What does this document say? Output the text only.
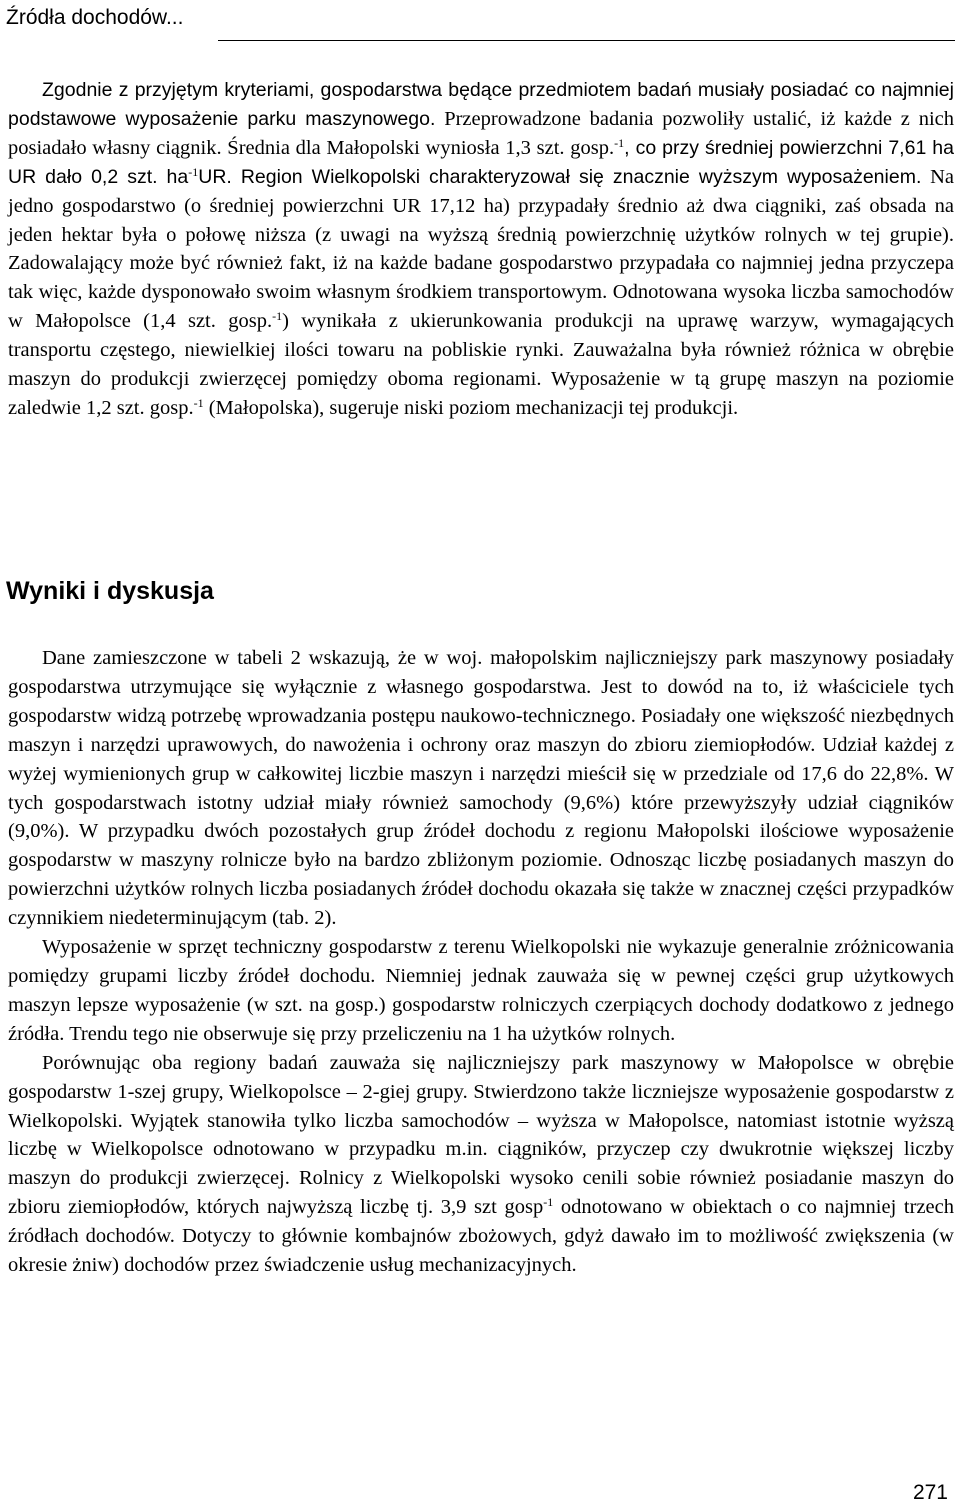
Źródła dochodów...

Zgodnie z przyjętym kryteriami, gospodarstwa będące przedmiotem badań musiały posiadać co najmniej podstawowe wyposażenie parku maszynowego. Przeprowadzone badania pozwoliły ustalić, iż każde z nich posiadało własny ciągnik. Średnia dla Małopolski wyniosła 1,3 szt. gosp.$^{-1}$, co przy średniej powierzchni 7,61 ha UR dało 0,2 szt. $ha^{-1}UR$. Region Wielkopolski charakteryzował się znacznie wyższym wyposażeniem. Na jedno gospodarstwo (o średniej powierzchni UR 17,12 ha) przypadały średnio aż dwa ciągniki, zaś obsada na jeden hektar była o połowę niższa (z uwagi na wyższą średnią powierzchnię użytków rolnych w tej grupie). Zadowalający może być również fakt, iż na każde badane gospodarstwo przypadała co najmniej jedna przyczepa tak więc, każde dysponowało swoim własnym środkiem transportowym. Odnotowana wysoka liczba samochodów w Małopolsce (1,4 szt. gosp.$^{-1}$) wynikała z ukierunkowania produkcji na uprawę warzyw, wymagających transportu częstego, niewielkiej ilości towaru na pobliskie rynki. Zauważalna była również różnica w obrębie maszyn do produkcji zwierzęcej pomiędzy oboma regionami. Wyposażenie w tą grupę maszyn na poziomie zaledwie 1,2 szt. gosp.$^{-1}$ (Małopolska), sugeruje niski poziom mechanizacji tej produkcji.

Wyniki i dyskusja

Dane zamieszczone w tabeli 2 wskazują, że w woj. małopolskim najliczniejszy park maszynowy posiadały gospodarstwa utrzymujące się wyłącznie z własnego gospodarstwa. Jest to dowód na to, iż właściciele tych gospodarstw widzą potrzebę wprowadzania postępu naukowo-technicznego. Posiadały one większość niezbędnych maszyn i narzędzi uprawowych, do nawożenia i ochrony oraz maszyn do zbioru ziemiopłodów. Udział każdej z wyżej wymienionych grup w całkowitej liczbie maszyn i narzędzi mieścił się w przedziale od 17,6 do 22,8%. W tych gospodarstwach istotny udział miały również samochody (9,6%) które przewyższyły udział ciągników (9,0%). W przypadku dwóch pozostałych grup źródeł dochodu z regionu Małopolski ilościowe wyposażenie gospodarstw w maszyny rolnicze było na bardzo zbliżonym poziomie. Odnosząc liczbę posiadanych maszyn do powierzchni użytków rolnych liczba posiadanych źródeł dochodu okazała się także w znacznej części przypadków czynnikiem niedeterminującym (tab. 2).

Wyposażenie w sprzęt techniczny gospodarstw z terenu Wielkopolski nie wykazuje generalnie zróżnicowania pomiędzy grupami liczby źródeł dochodu. Niemniej jednak zauważa się w pewnej części grup użytkowych maszyn lepsze wyposażenie (w szt. na gosp.) gospodarstw rolniczych czerpiących dochody dodatkowo z jednego źródła. Trendu tego nie obserwuje się przy przeliczeniu na 1 ha użytków rolnych.

Porównując oba regiony badań zauważa się najliczniejszy park maszynowy w Małopolsce w obrębie gospodarstw 1-szej grupy, Wielkopolsce – 2-giej grupy. Stwierdzono także liczniejsze wyposażenie gospodarstw z Wielkopolski. Wyjątek stanowiła tylko liczba samochodów – wyższa w Małopolsce, natomiast istotnie wyższą liczbę w Wielkopolsce odnotowano w przypadku m.in. ciągników, przyczep czy dwukrotnie większej liczby maszyn do produkcji zwierzęcej. Rolnicy z Wielkopolski wysoko cenili sobie również posiadanie maszyn do zbioru ziemiopłodów, których najwyższą liczbę tj. 3,9 szt gosp$^{-1}$ odnotowano w obiektach o co najmniej trzech źródłach dochodów. Dotyczy to głównie kombajnów zbożowych, gdyż dawało im to możliwość zwiększenia (w okresie żniw) dochodów przez świadczenie usług mechanizacyjnych.

271
